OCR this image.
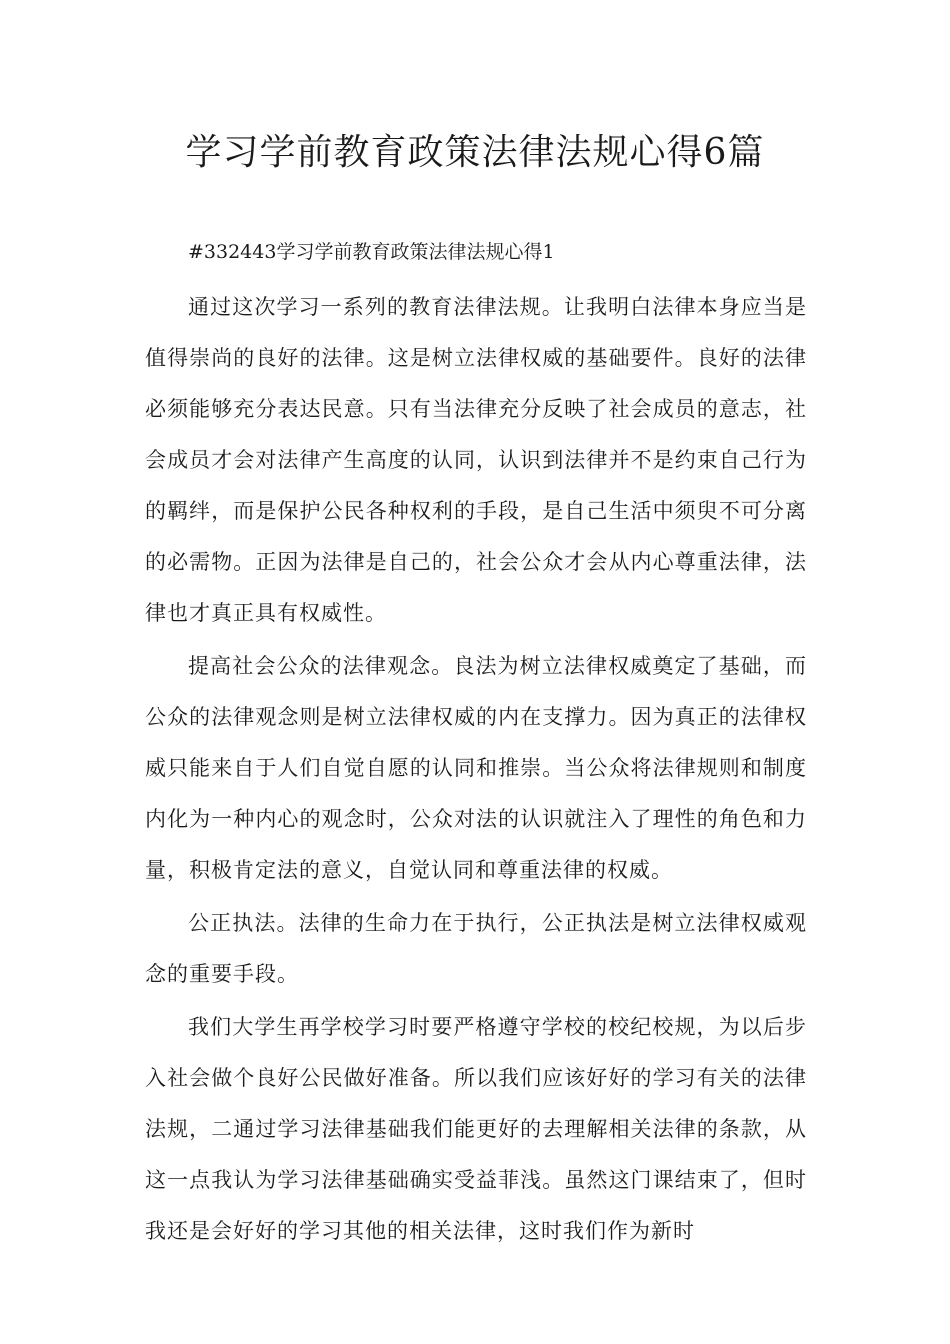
学习学前教育政策法律法规心得6篇

#332443学习学前教育政策法律法规心得1

通过这次学习一系列的教育法律法规。让我明白法律本身应当是值得崇尚的良好的法律。这是树立法律权威的基础要件。良好的法律必须能够充分表达民意。只有当法律充分反映了社会成员的意志，社会成员才会对法律产生高度的认同，认识到法律并不是约束自己行为的羁绊，而是保护公民各种权利的手段，是自己生活中须臾不可分离的必需物。正因为法律是自己的，社会公众才会从内心尊重法律，法律也才真正具有权威性。

提高社会公众的法律观念。良法为树立法律权威奠定了基础，而公众的法律观念则是树立法律权威的内在支撑力。因为真正的法律权威只能来自于人们自觉自愿的认同和推崇。当公众将法律规则和制度内化为一种内心的观念时，公众对法的认识就注入了理性的角色和力量，积极肯定法的意义，自觉认同和尊重法律的权威。

公正执法。法律的生命力在于执行，公正执法是树立法律权威观念的重要手段。

我们大学生再学校学习时要严格遵守学校的校纪校规，为以后步入社会做个良好公民做好准备。所以我们应该好好的学习有关的法律法规，二通过学习法律基础我们能更好的去理解相关法律的条款，从这一点我认为学习法律基础确实受益菲浅。虽然这门课结束了，但时我还是会好好的学习其他的相关法律，这时我们作为新时
